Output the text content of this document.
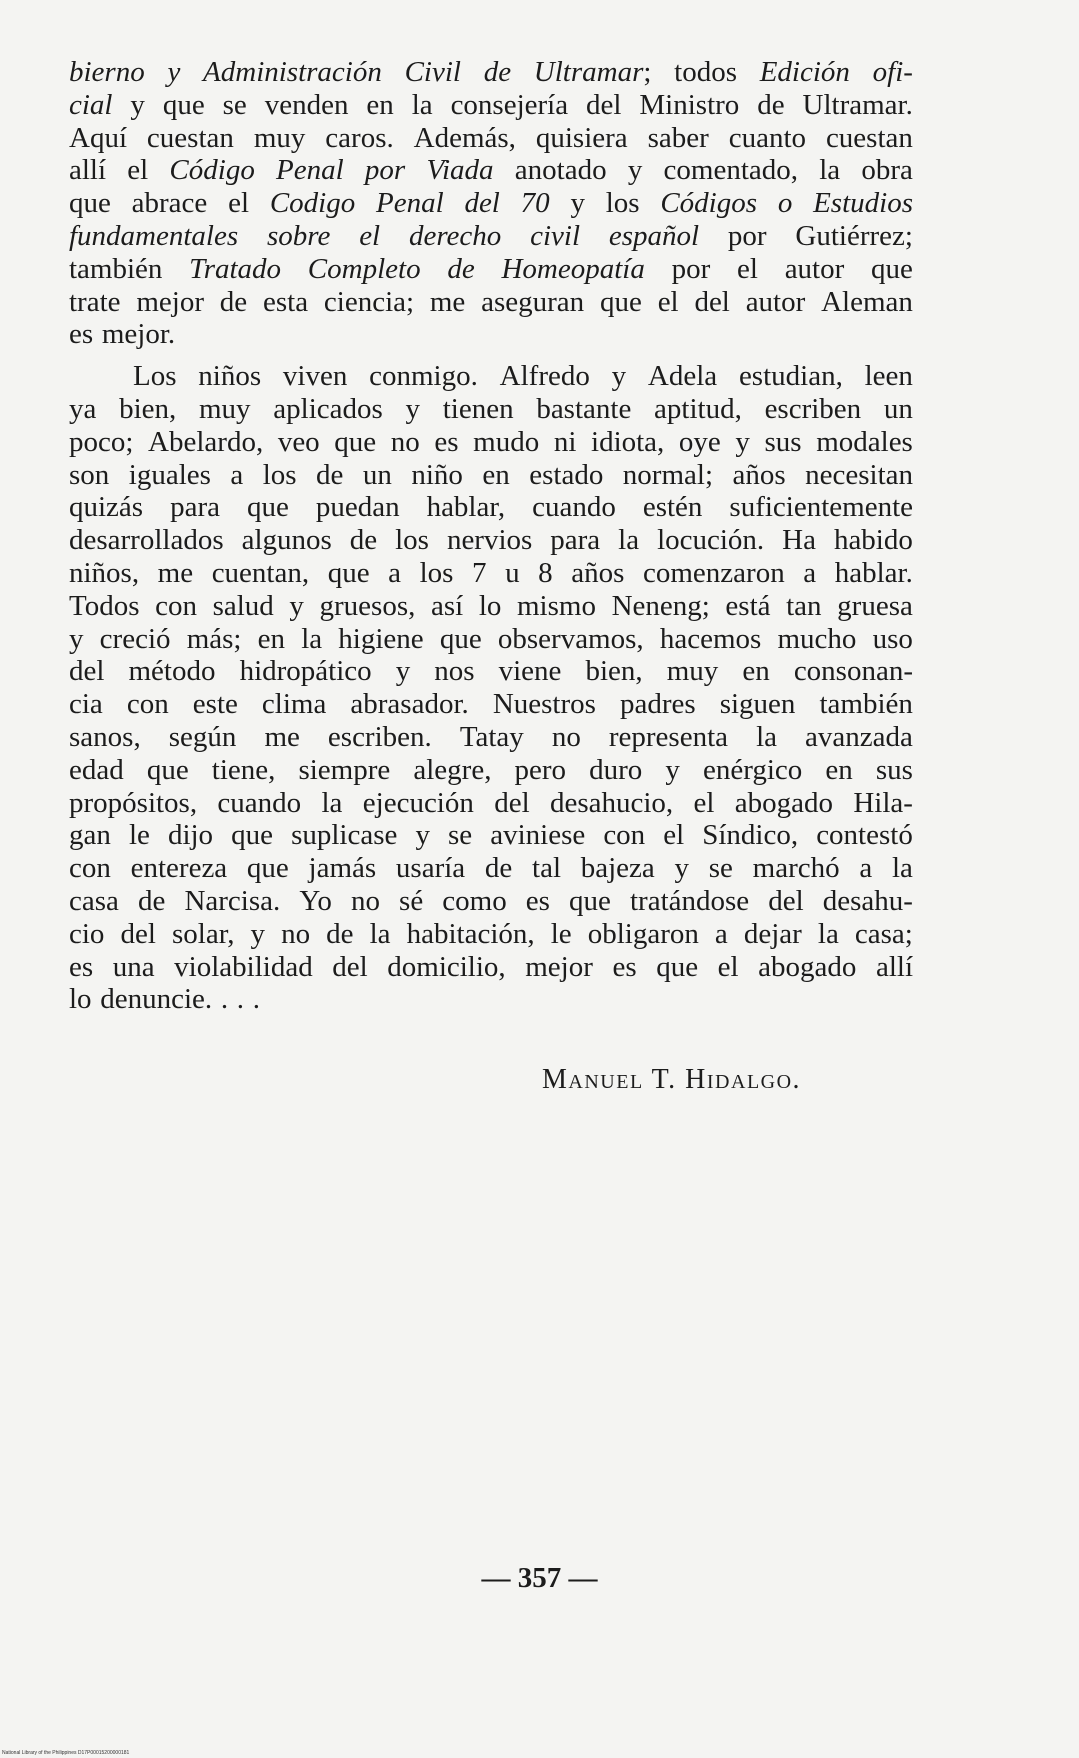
bierno y Administración Civil de Ultramar; todos Edición ofi-
cial y que se venden en la consejería del Ministro de Ultramar.
Aquí cuestan muy caros. Además, quisiera saber cuanto cuestan
allí el Código Penal por Viada anotado y comentado, la obra
que abrace el Codigo Penal del 70 y los Códigos o Estudios
fundamentales sobre el derecho civil español por Gutiérrez;
también Tratado Completo de Homeopatía por el autor que
trate mejor de esta ciencia; me aseguran que el del autor Aleman
es mejor.
Los niños viven conmigo. Alfredo y Adela estudian, leen
ya bien, muy aplicados y tienen bastante aptitud, escriben un
poco; Abelardo, veo que no es mudo ni idiota, oye y sus modales
son iguales a los de un niño en estado normal; años necesitan
quizás para que puedan hablar, cuando estén suficientemente
desarrollados algunos de los nervios para la locución. Ha habido
niños, me cuentan, que a los 7 u 8 años comenzaron a hablar.
Todos con salud y gruesos, así lo mismo Neneng; está tan gruesa
y creció más; en la higiene que observamos, hacemos mucho uso
del método hidropático y nos viene bien, muy en consonan-
cia con este clima abrasador. Nuestros padres siguen también
sanos, según me escriben. Tatay no representa la avanzada
edad que tiene, siempre alegre, pero duro y enérgico en sus
propósitos, cuando la ejecución del desahucio, el abogado Hila-
gan le dijo que suplicase y se aviniese con el Síndico, contestó
con entereza que jamás usaría de tal bajeza y se marchó a la
casa de Narcisa. Yo no sé como es que tratándose del desahu-
cio del solar, y no de la habitación, le obligaron a dejar la casa;
es una violabilidad del domicilio, mejor es que el abogado allí
lo denuncie. . . .
Manuel T. Hidalgo.
— 357 —
National Library of the Philippines D17P00015200000181
